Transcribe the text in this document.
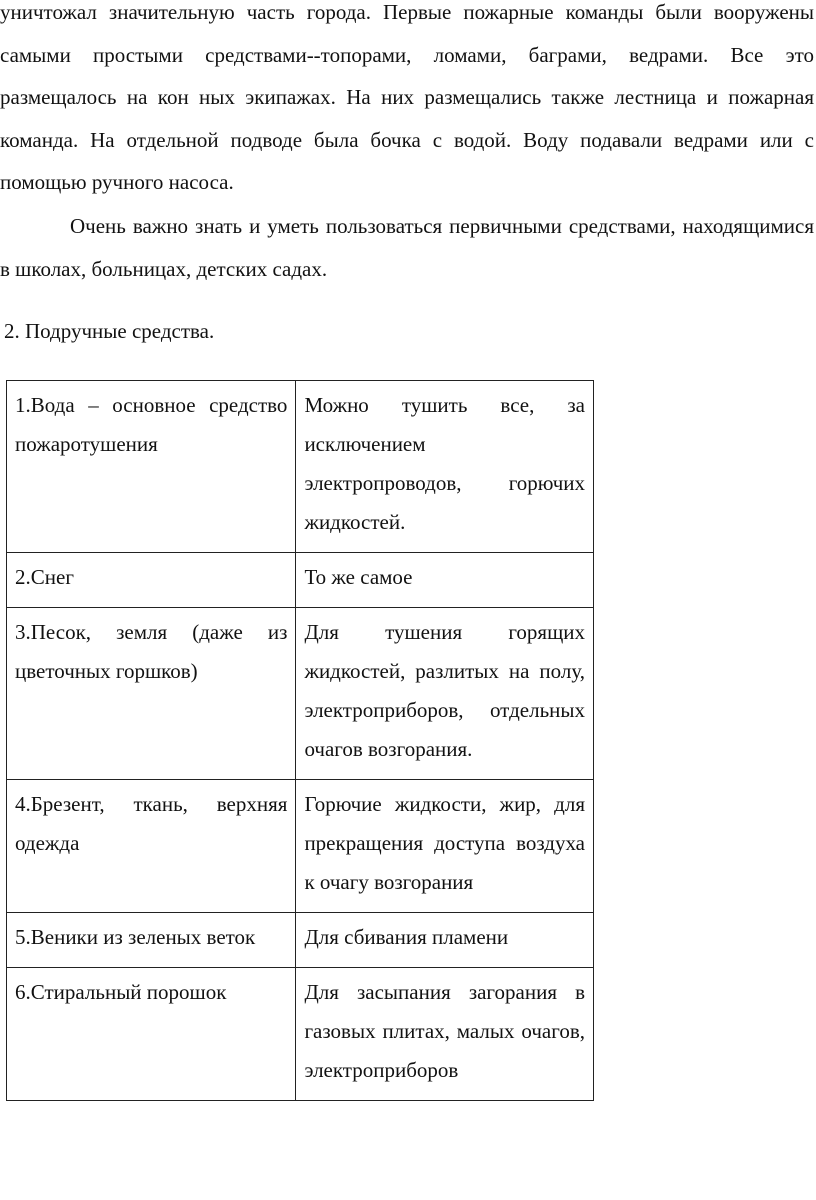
уничтожал значительную часть города. Первые пожарные команды были вооружены самыми простыми средствами--топорами, ломами, баграми, ведрами. Все это размещалось на кон ных экипажах. На них размещались также лестница и пожарная команда. На отдельной подводе была бочка с водой. Воду подавали ведрами или с помощью ручного насоса.

Очень важно знать и уметь пользоваться первичными средствами, находящимися в школах, больницах, детских садах.

2. Подручные средства.

1.Вода – основное средство пожаротушения	Можно тушить все, за исключением электропроводов, горючих жидкостей.
2.Снег	То же самое
3.Песок, земля (даже из цветочных горшков)	Для тушения горящих жидкостей, разлитых на полу, электроприборов, отдельных очагов возгорания.
4.Брезент, ткань, верхняя одежда	Горючие жидкости, жир, для прекращения доступа воздуха к очагу возгорания
5.Веники из зеленых веток	Для сбивания пламени
6.Стиральный порошок	Для засыпания загорания в газовых плитах, малых очагов, электроприборов
